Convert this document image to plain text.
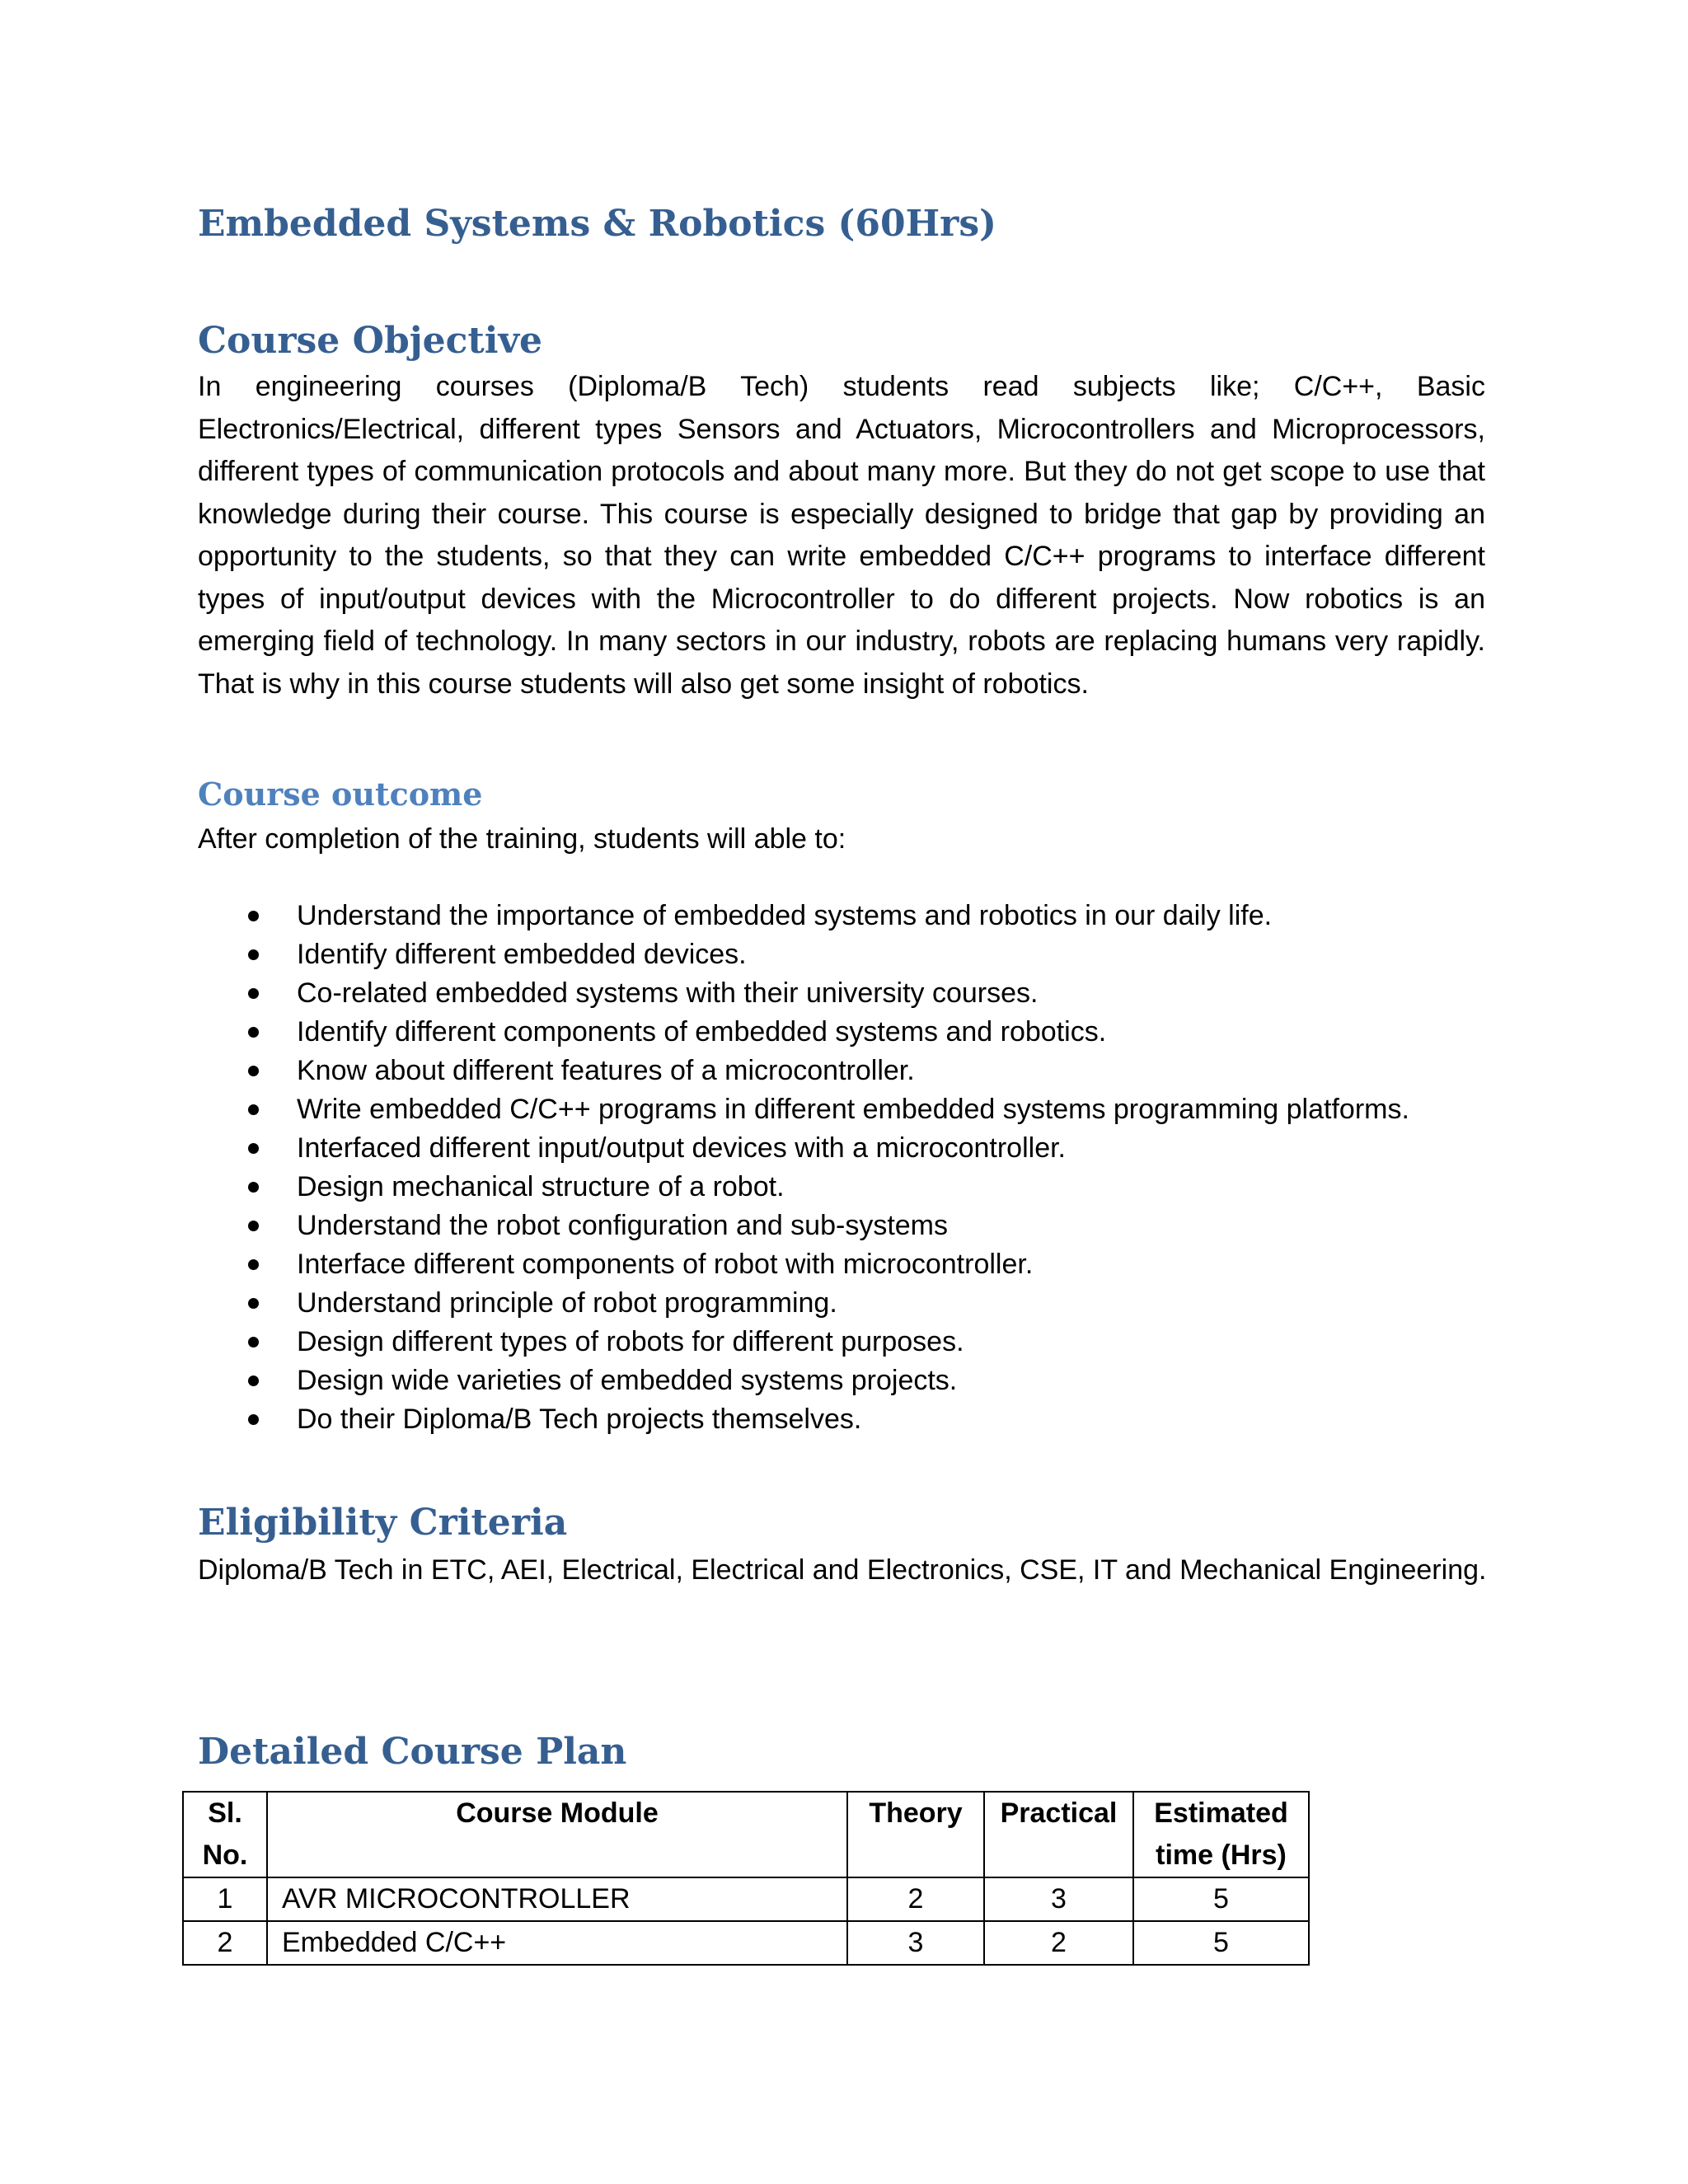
Embedded Systems & Robotics (60Hrs)
Course Objective

In engineering courses (Diploma/B Tech) students read subjects like; C/C++, Basic Electronics/Electrical, different types Sensors and Actuators, Microcontrollers and Microprocessors, different types of communication protocols and about many more. But they do not get scope to use that knowledge during their course. This course is especially designed to bridge that gap by providing an opportunity to the students, so that they can write embedded C/C++ programs to interface different types of input/output devices with the Microcontroller to do different projects. Now robotics is an emerging field of technology. In many sectors in our industry, robots are replacing humans very rapidly. That is why in this course students will also get some insight of robotics.

Course outcome

After completion of the training, students will able to:

Understand the importance of embedded systems and robotics in our daily life.
Identify different embedded devices.
Co-related embedded systems with their university courses.
Identify different components of embedded systems and robotics.
Know about different features of a microcontroller.
Write embedded C/C++ programs in different embedded systems programming platforms.
Interfaced different input/output devices with a microcontroller.
Design mechanical structure of a robot.
Understand the robot configuration and sub-systems
Interface different components of robot with microcontroller.
Understand principle of robot programming.
Design different types of robots for different purposes.
Design wide varieties of embedded systems projects.
Do their Diploma/B Tech projects themselves.
Eligibility Criteria

Diploma/B Tech in ETC, AEI, Electrical, Electrical and Electronics, CSE, IT and Mechanical Engineering.

Detailed Course Plan
Sl. No.	Course Module	Theory	Practical	Estimated time (Hrs)
1	AVR MICROCONTROLLER	2	3	5
2	Embedded C/C++	3	2	5
